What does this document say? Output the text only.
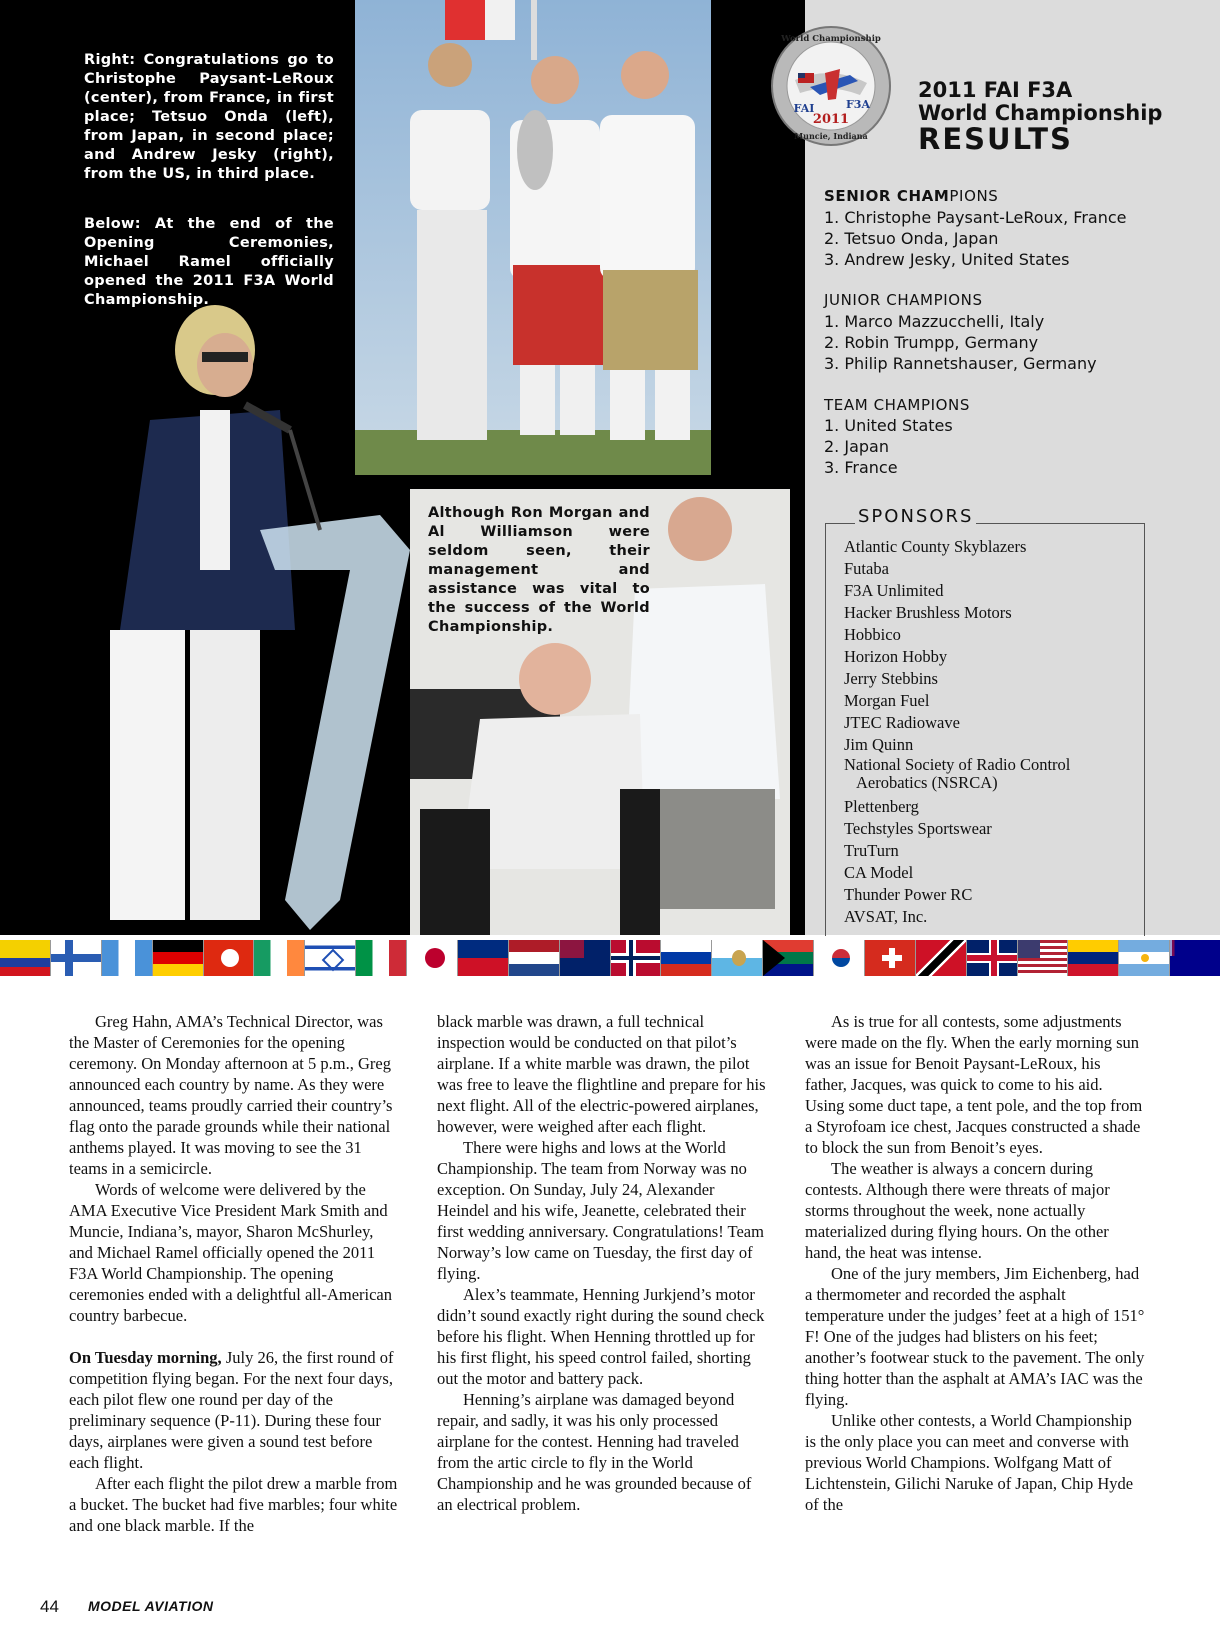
Right: Congratulations go to Christophe Paysant-LeRoux (center), from France, in first place; Tetsuo Onda (left), from Japan, in second place; and Andrew Jesky (right), from the US, in third place.
Below: At the end of the Opening Ceremonies, Michael Ramel officially opened the 2011 F3A World Championship.
Although Ron Morgan and Al Williamson were seldom seen, their management and assistance was vital to the success of the World Championship.
World Championship
FAI	F3A
2011
Muncie, Indiana
2011 FAI F3A
World Championship
RESULTS
SENIOR CHAMPIONS
1. Christophe Paysant-LeRoux, France
2. Tetsuo Onda, Japan
3. Andrew Jesky, United States
JUNIOR CHAMPIONS
1. Marco Mazzucchelli, Italy
2. Robin Trumpp, Germany
3. Philip Rannetshauser, Germany
TEAM CHAMPIONS
1. United States
2. Japan
3. France
SPONSORS
Atlantic County Skyblazers
Futaba
F3A Unlimited
Hacker Brushless Motors
Hobbico
Horizon Hobby
Jerry Stebbins
Morgan Fuel
JTEC Radiowave
Jim Quinn
National Society of Radio Control
Aerobatics (NSRCA)
Plettenberg
Techstyles Sportswear
TruTurn
CA Model
Thunder Power RC
AVSAT, Inc.

Greg Hahn, AMA’s Technical Director, was the Master of Ceremonies for the opening ceremony. On Monday afternoon at 5 p.m., Greg announced each country by name. As they were announced, teams proudly carried their country’s flag onto the parade grounds while their national anthems played. It was moving to see the 31 teams in a semicircle.

Words of welcome were delivered by the AMA Executive Vice President Mark Smith and Muncie, Indiana’s, mayor, Sharon McShurley, and Michael Ramel officially opened the 2011 F3A World Championship. The opening ceremonies ended with a delightful all-American country barbecue.

On Tuesday morning, July 26, the first round of competition flying began. For the next four days, each pilot flew one round per day of the preliminary sequence (P-11). During these four days, airplanes were given a sound test before each flight.

After each flight the pilot drew a marble from a bucket. The bucket had five marbles; four white and one black marble. If the

black marble was drawn, a full technical inspection would be conducted on that pilot’s airplane. If a white marble was drawn, the pilot was free to leave the flightline and prepare for his next flight. All of the electric-powered airplanes, however, were weighed after each flight.

There were highs and lows at the World Championship. The team from Norway was no exception. On Sunday, July 24, Alexander Heindel and his wife, Jeanette, celebrated their first wedding anniversary. Congratulations! Team Norway’s low came on Tuesday, the first day of flying.

Alex’s teammate, Henning Jurkjend’s motor didn’t sound exactly right during the sound check before his flight. When Henning throttled up for his first flight, his speed control failed, shorting out the motor and battery pack.

Henning’s airplane was damaged beyond repair, and sadly, it was his only processed airplane for the contest. Henning had traveled from the artic circle to fly in the World Championship and he was grounded because of an electrical problem.

As is true for all contests, some adjustments were made on the fly. When the early morning sun was an issue for Benoit Paysant-LeRoux, his father, Jacques, was quick to come to his aid. Using some duct tape, a tent pole, and the top from a Styrofoam ice chest, Jacques constructed a shade to block the sun from Benoit’s eyes.

The weather is always a concern during contests. Although there were threats of major storms throughout the week, none actually materialized during flying hours. On the other hand, the heat was intense.

One of the jury members, Jim Eichenberg, had a thermometer and recorded the asphalt temperature under the judges’ feet at a high of 151° F! One of the judges had blisters on his feet; another’s footwear stuck to the pavement. The only thing hotter than the asphalt at AMA’s IAC was the flying.

Unlike other contests, a World Championship is the only place you can meet and converse with previous World Champions. Wolfgang Matt of Lichtenstein, Gilichi Naruke of Japan, Chip Hyde of the

44 MODEL AVIATION
